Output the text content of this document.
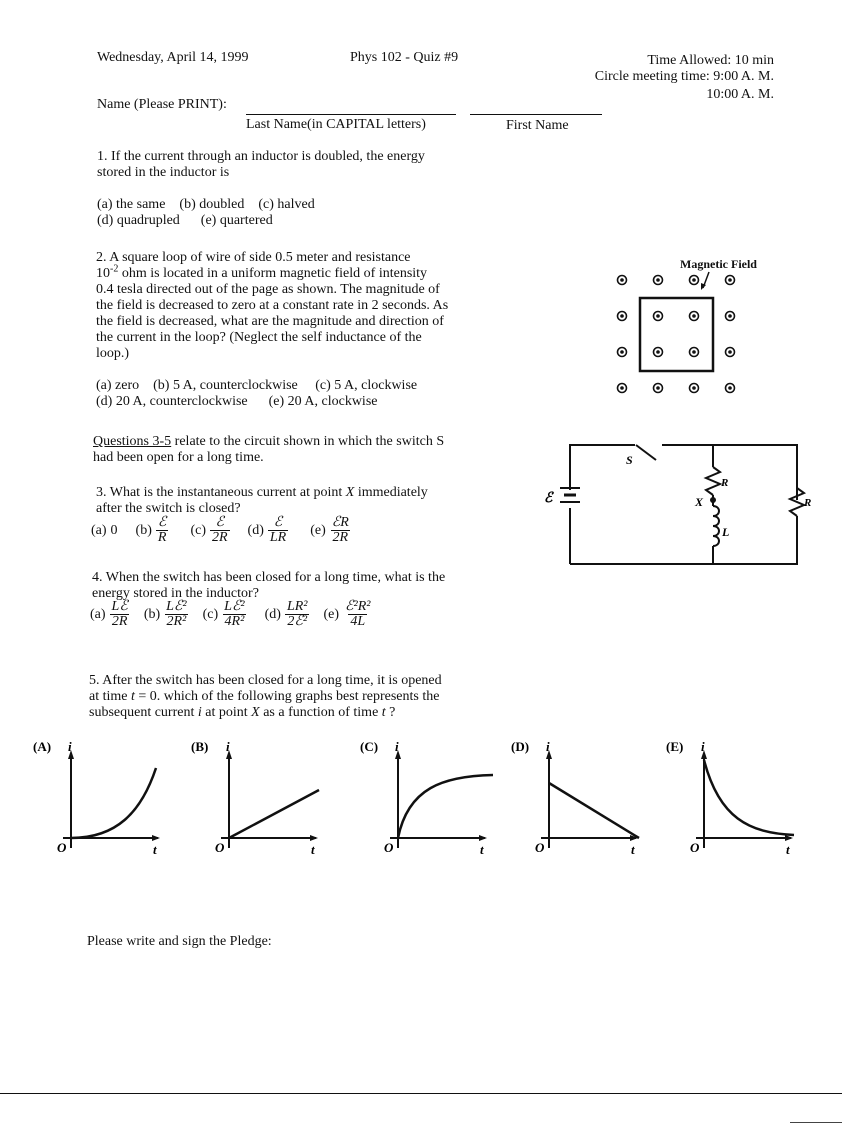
Wednesday, April 14, 1999	Phys 102 - Quiz #9	Time Allowed: 10 min
Circle meeting time: 9:00 A. M.
10:00 A. M.
Name (Please PRINT):
Last Name(in CAPITAL letters)	First Name
1. If the current through an inductor is doubled, the energy
stored in the inductor is
(a) the same    (b) doubled    (c) halved
(d) quadrupled      (e) quartered
2. A square loop of wire of side 0.5 meter and resistance
$10^{-2}$ ohm is located in a uniform magnetic field of intensity
0.4 tesla directed out of the page as shown. The magnitude of
the field is decreased to zero at a constant rate in 2 seconds. As
the field is decreased, what are the magnitude and direction of
the current in the loop? (Neglect the self inductance of the
loop.)
(a) zero    (b) 5 A, counterclockwise     (c) 5 A, clockwise
(d) 20 A, counterclockwise      (e) 20 A, clockwise
Magnetic Field
Questions 3-5 relate to the circuit shown in which the switch S
had been open for a long time.
ℰ
S
R
R
L
X
3. What is the instantaneous current at point X immediately
after the switch is closed?
(a) 0 $(b) \frac{\text{ℰ}}{R} (c) \frac{\text{ℰ}}{2R} (d) \frac{\text{ℰ}}{LR} (e) \frac{\text{ℰR}}{2R}$
4. When the switch has been closed for a long time, what is the
energy stored in the inductor?
$(a) \frac{\text{Lℰ}}{2R} (b) \frac{\text{Lℰ²}}{\text{2R²}} (c) \frac{\text{Lℰ²}}{\text{4R²}} (d) \frac{\text{LR²}}{\text{2ℰ²}} (e) \frac{\text{ℰ²R²}}{4L}$
5. After the switch has been closed for a long time, it is opened
at time t = 0. which of the following graphs best represents the
subsequent current i at point X as a function of time t ?
(A) i
t
O
(B) i
t
O
(C) i
t
O
(D) i
t
O
(E) i
t
O
Please write and sign the Pledge:
